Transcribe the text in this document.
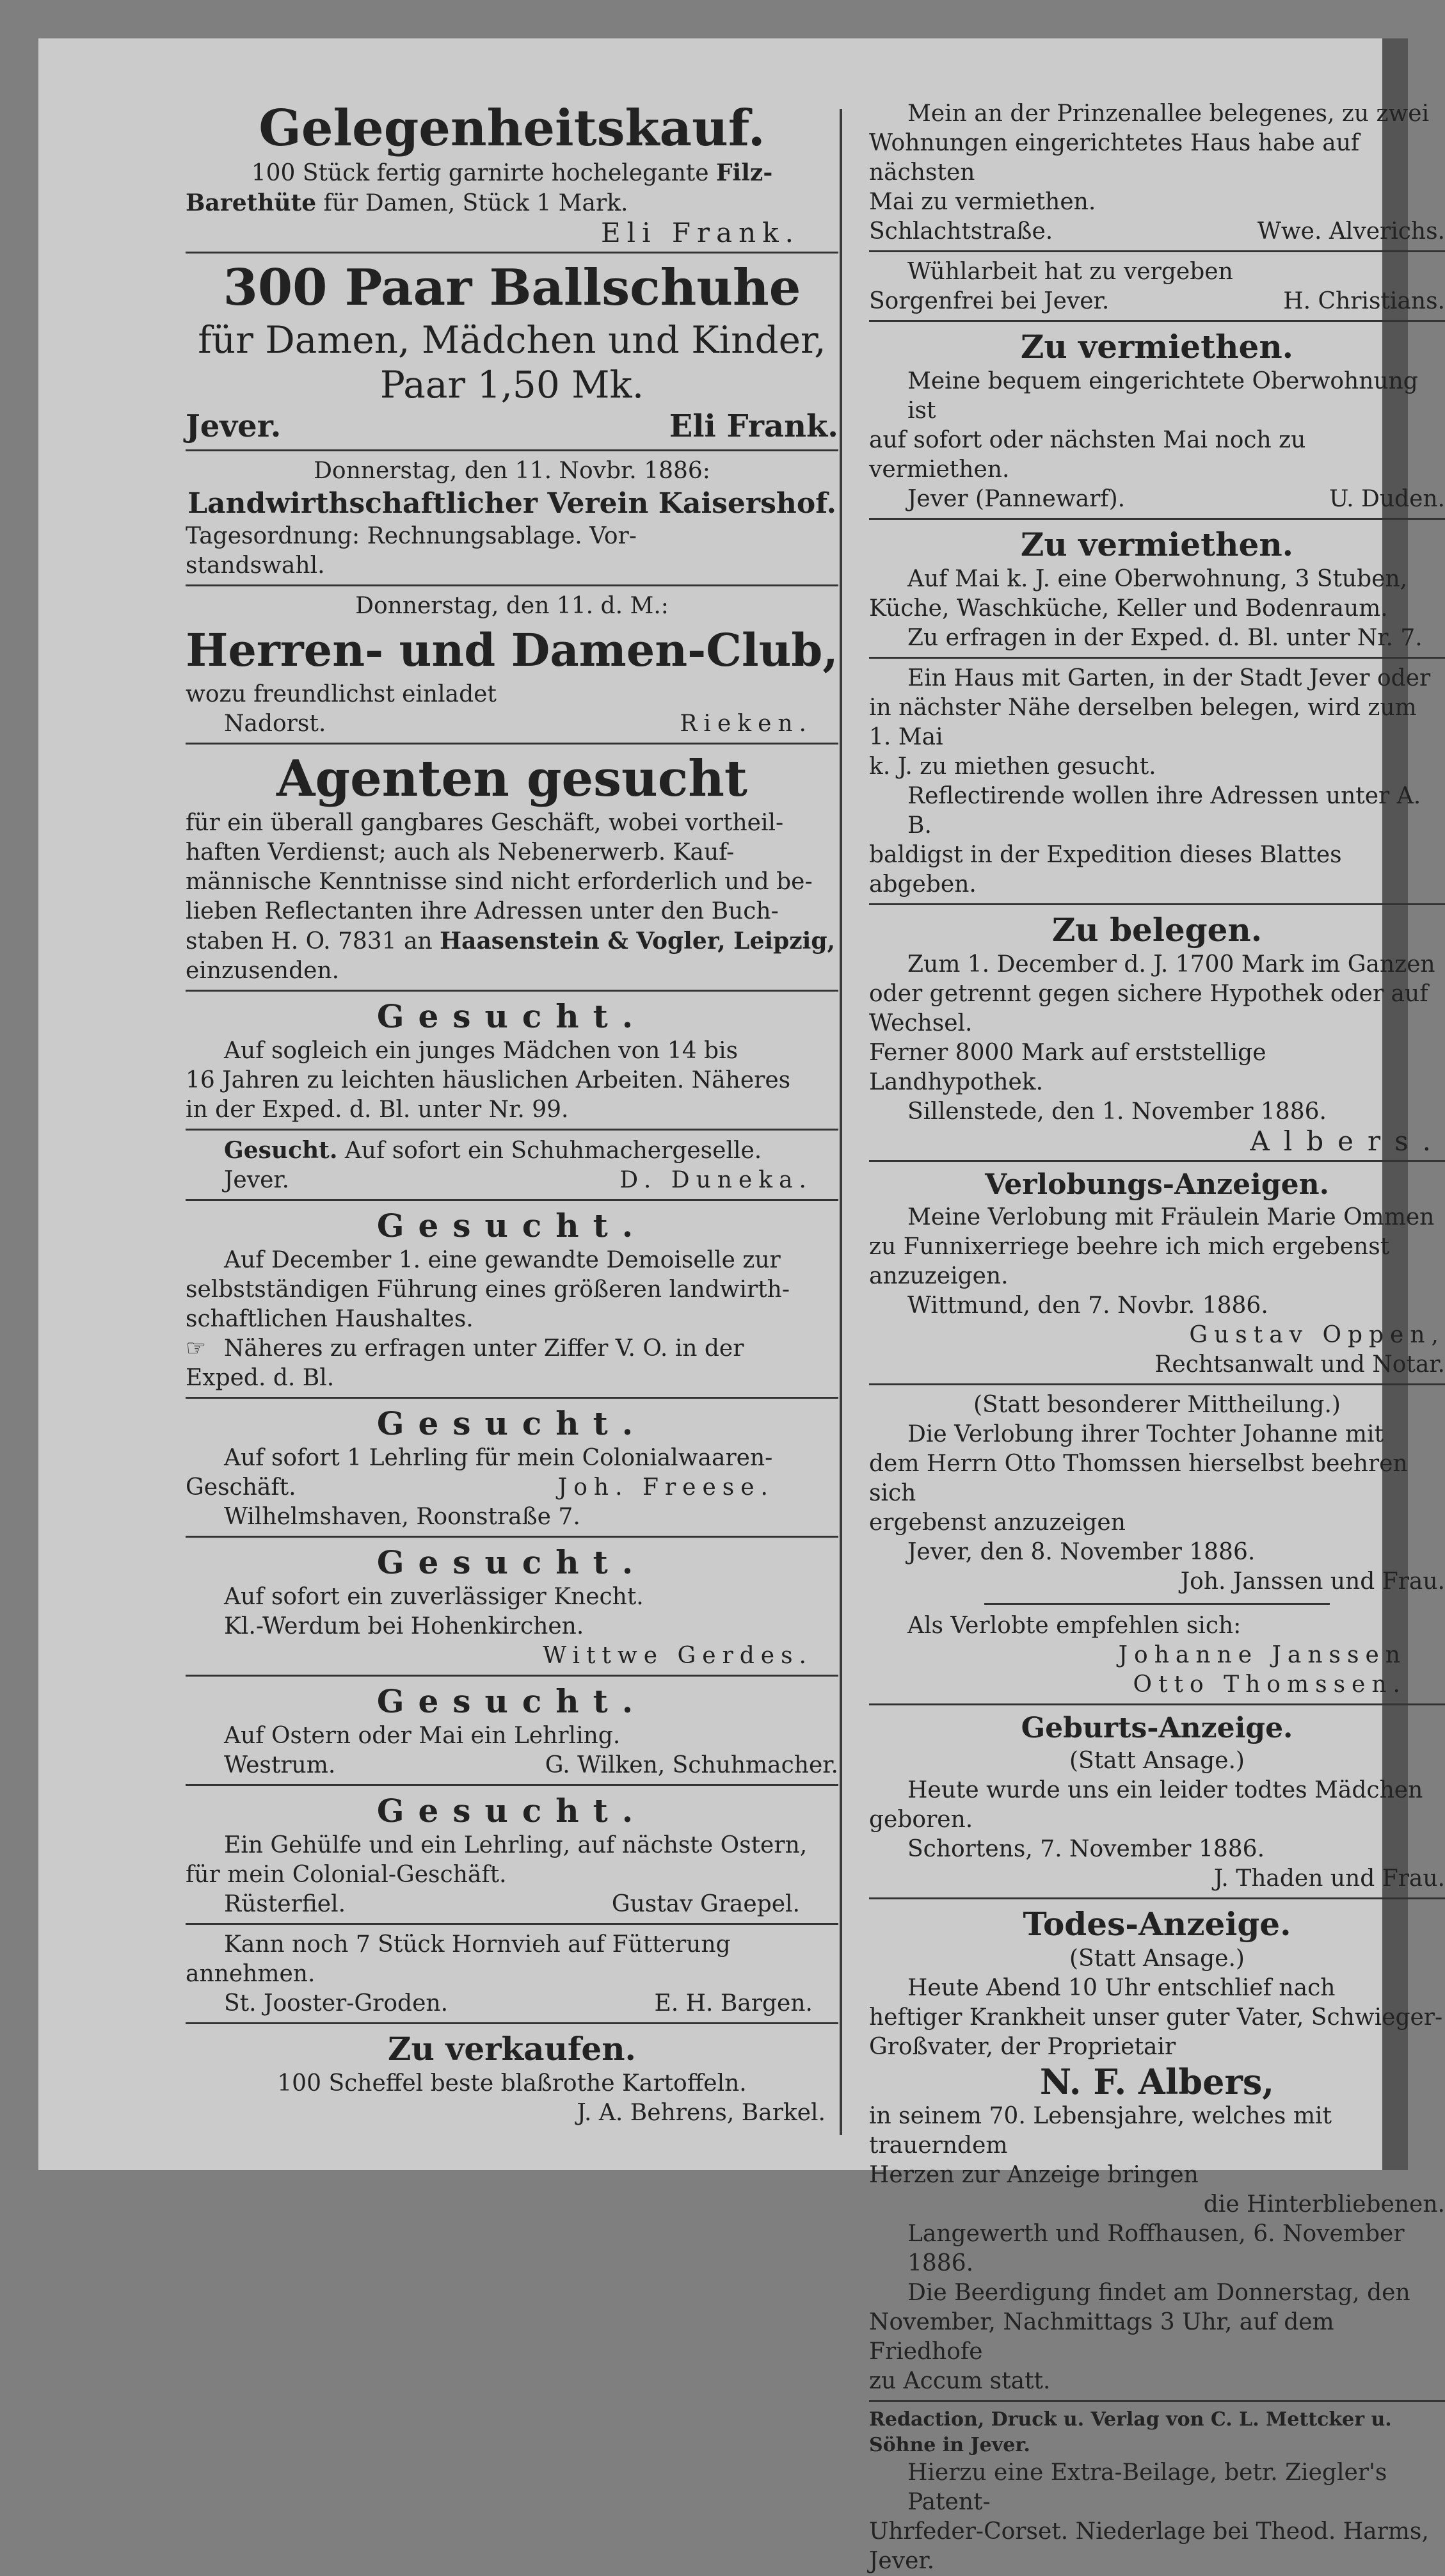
Gelegenheitskauf.

100 Stück fertig garnirte hochelegante Filz-

Barethüte für Damen, Stück 1 Mark.

Eli Frank.

300 Paar Ballschuhe
für Damen, Mädchen und Kinder,
Paar 1,50 Mk.
Jever.	Eli Frank.

Donnerstag, den 11. Novbr. 1886:

Landwirthschaftlicher Verein Kaisershof.

Tagesordnung: Rechnungsablage. Vor-

standswahl.

Donnerstag, den 11. d. M.:

Herren- und Damen-Club,

wozu freundlichst einladet

Nadorst.	Rieken.
Agenten gesucht

für ein überall gangbares Geschäft, wobei vortheil-

haften Verdienst; auch als Nebenerwerb. Kauf-

männische Kenntnisse sind nicht erforderlich und be-

lieben Reflectanten ihre Adressen unter den Buch-

staben H. O. 7831 an Haasenstein & Vogler, Leipzig,

einzusenden.

Gesucht.

Auf sogleich ein junges Mädchen von 14 bis

16 Jahren zu leichten häuslichen Arbeiten. Näheres

in der Exped. d. Bl. unter Nr. 99.

Gesucht. Auf sofort ein Schuhmachergeselle.

Jever.	D. Duneka.
Gesucht.

Auf December 1. eine gewandte Demoiselle zur

selbstständigen Führung eines größeren landwirth-

schaftlichen Haushaltes.

☞ Näheres zu erfragen unter Ziffer V. O. in der

Exped. d. Bl.

Gesucht.

Auf sofort 1 Lehrling für mein Colonialwaaren-

Geschäft.	Joh. Freese.

Wilhelmshaven, Roonstraße 7.

Gesucht.

Auf sofort ein zuverlässiger Knecht.

Kl.-Werdum bei Hohenkirchen.

Wittwe Gerdes.

Gesucht.

Auf Ostern oder Mai ein Lehrling.

Westrum.	G. Wilken, Schuhmacher.
Gesucht.

Ein Gehülfe und ein Lehrling, auf nächste Ostern,

für mein Colonial-Geschäft.

Rüsterfiel.	Gustav Graepel.

Kann noch 7 Stück Hornvieh auf Fütterung

annehmen.

St. Jooster-Groden.	E. H. Bargen.
Zu verkaufen.

100 Scheffel beste blaßrothe Kartoffeln.

J. A. Behrens, Barkel.

Mein an der Prinzenallee belegenes, zu zwei

Wohnungen eingerichtetes Haus habe auf nächsten

Mai zu vermiethen.

Schlachtstraße.	Wwe. Alverichs.

Wühlarbeit hat zu vergeben

Sorgenfrei bei Jever.	H. Christians.
Zu vermiethen.

Meine bequem eingerichtete Oberwohnung ist

auf sofort oder nächsten Mai noch zu vermiethen.

Jever (Pannewarf).	U. Duden.
Zu vermiethen.

Auf Mai k. J. eine Oberwohnung, 3 Stuben,

Küche, Waschküche, Keller und Bodenraum.

Zu erfragen in der Exped. d. Bl. unter Nr. 7.

Ein Haus mit Garten, in der Stadt Jever oder

in nächster Nähe derselben belegen, wird zum 1. Mai

k. J. zu miethen gesucht.

Reflectirende wollen ihre Adressen unter A. B.

baldigst in der Expedition dieses Blattes abgeben.

Zu belegen.

Zum 1. December d. J. 1700 Mark im Ganzen

oder getrennt gegen sichere Hypothek oder auf Wechsel.

Ferner 8000 Mark auf erststellige Landhypothek.

Sillenstede, den 1. November 1886.

Albers.

Verlobungs-Anzeigen.

Meine Verlobung mit Fräulein Marie Ommen

zu Funnixerriege beehre ich mich ergebenst anzuzeigen.

Wittmund, den 7. Novbr. 1886.

Gustav Oppen,

Rechtsanwalt und Notar.

(Statt besonderer Mittheilung.)

Die Verlobung ihrer Tochter Johanne mit

dem Herrn Otto Thomssen hierselbst beehren sich

ergebenst anzuzeigen

Jever, den 8. November 1886.

Joh. Janssen und Frau.

Als Verlobte empfehlen sich:

Johanne Janssen

Otto Thomssen.

Geburts-Anzeige.

(Statt Ansage.)

Heute wurde uns ein leider todtes Mädchen

geboren.

Schortens, 7. November 1886.

J. Thaden und Frau.

Todes-Anzeige.

(Statt Ansage.)

Heute Abend 10 Uhr entschlief nach

heftiger Krankheit unser guter Vater, Schwieger-

Großvater, der Proprietair

N. F. Albers,

in seinem 70. Lebensjahre, welches mit trauerndem

Herzen zur Anzeige bringen

die Hinterbliebenen.

Langewerth und Roffhausen, 6. November 1886.

Die Beerdigung findet am Donnerstag, den

November, Nachmittags 3 Uhr, auf dem Friedhofe

zu Accum statt.

Redaction, Druck u. Verlag von C. L. Mettcker u. Söhne in Jever.

Hierzu eine Extra-Beilage, betr. Ziegler's Patent-

Uhrfeder-Corset. Niederlage bei Theod. Harms, Jever.
